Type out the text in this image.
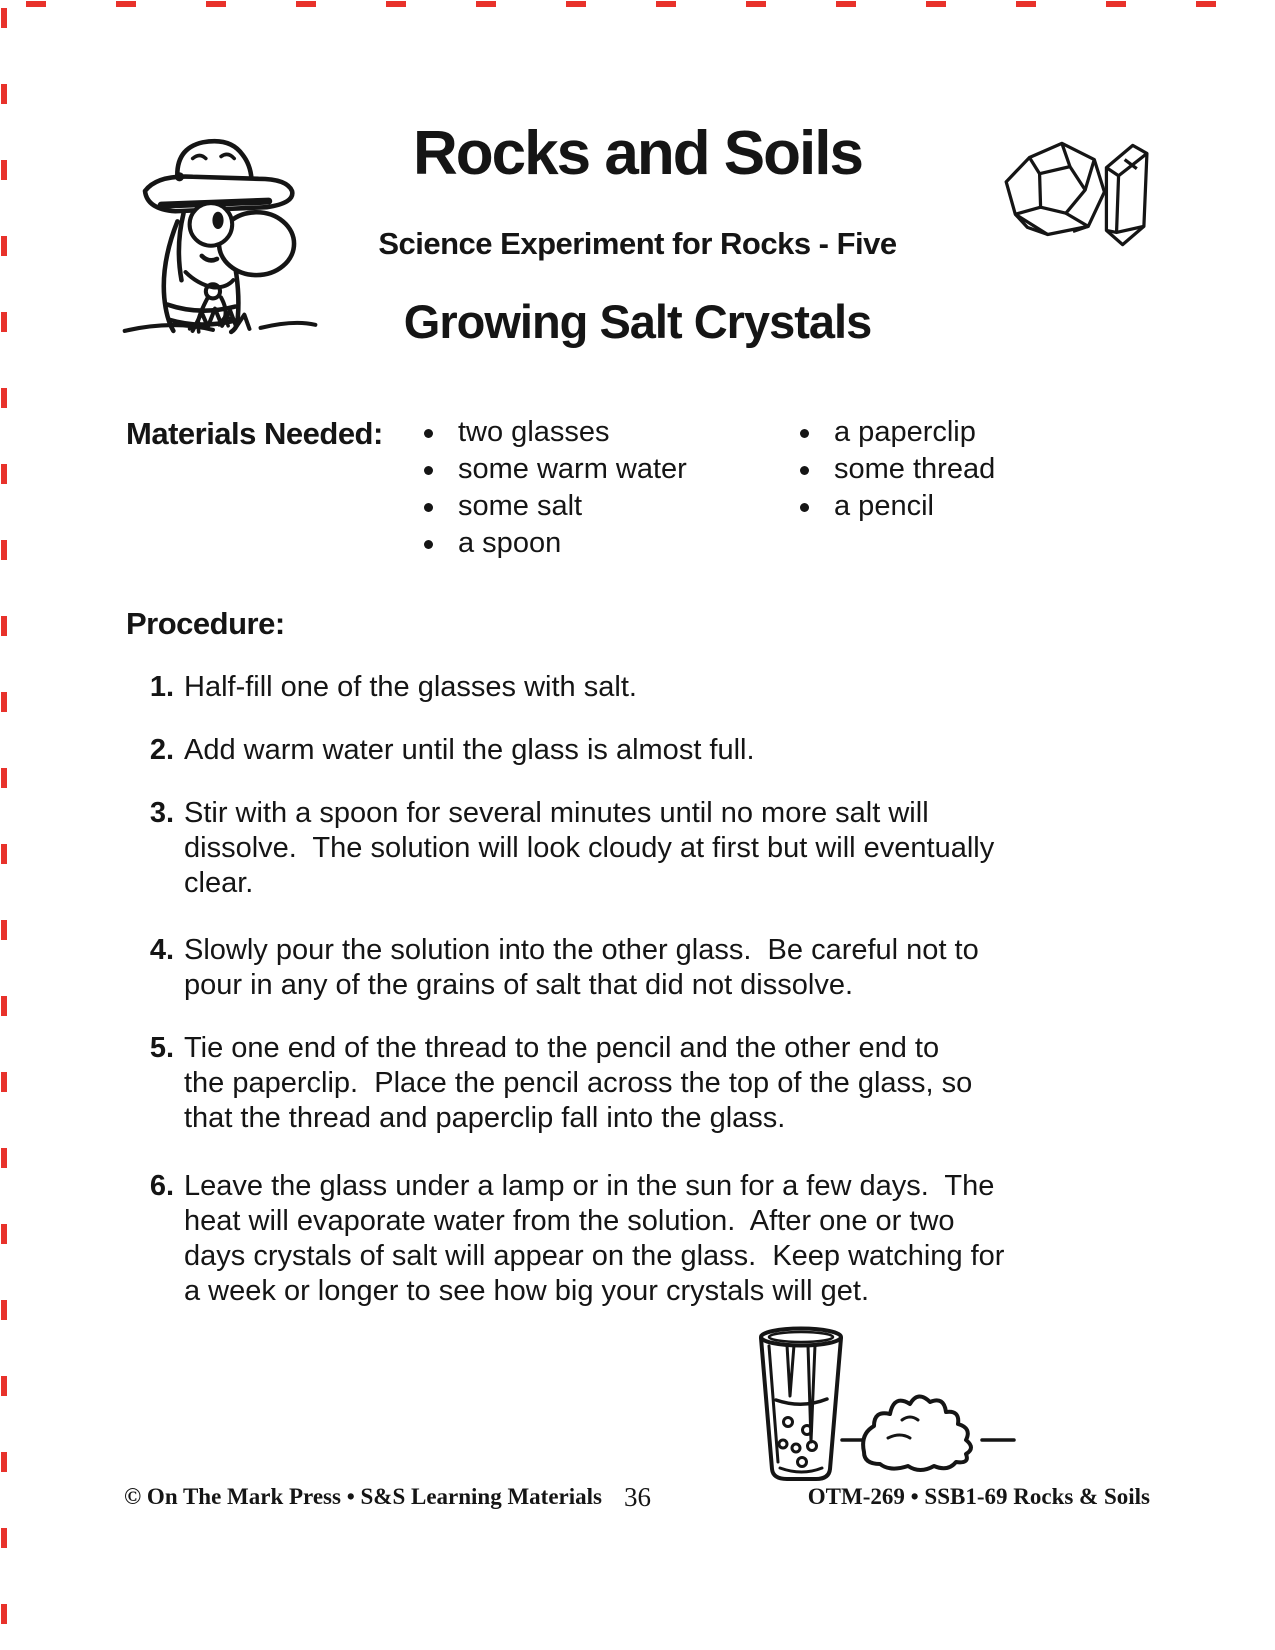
Rocks and Soils
Science Experiment for Rocks - Five
Growing Salt Crystals
Materials Needed:	two glasses
some warm water
some salt
a spoon
a paperclip
some thread
a pencil
Procedure:
1. Half-fill one of the glasses with salt.
2. Add warm water until the glass is almost full.
3. Stir with a spoon for several minutes until no more salt will
dissolve.  The solution will look cloudy at first but will eventually
clear.
4. Slowly pour the solution into the other glass.  Be careful not to
pour in any of the grains of salt that did not dissolve.
5. Tie one end of the thread to the pencil and the other end to
the paperclip.  Place the pencil across the top of the glass, so
that the thread and paperclip fall into the glass.
6. Leave the glass under a lamp or in the sun for a few days.  The
heat will evaporate water from the solution.  After one or two
days crystals of salt will appear on the glass.  Keep watching for
a week or longer to see how big your crystals will get.
© On The Mark Press • S&S Learning Materials 36	OTM-269 • SSB1-69 Rocks & Soils
